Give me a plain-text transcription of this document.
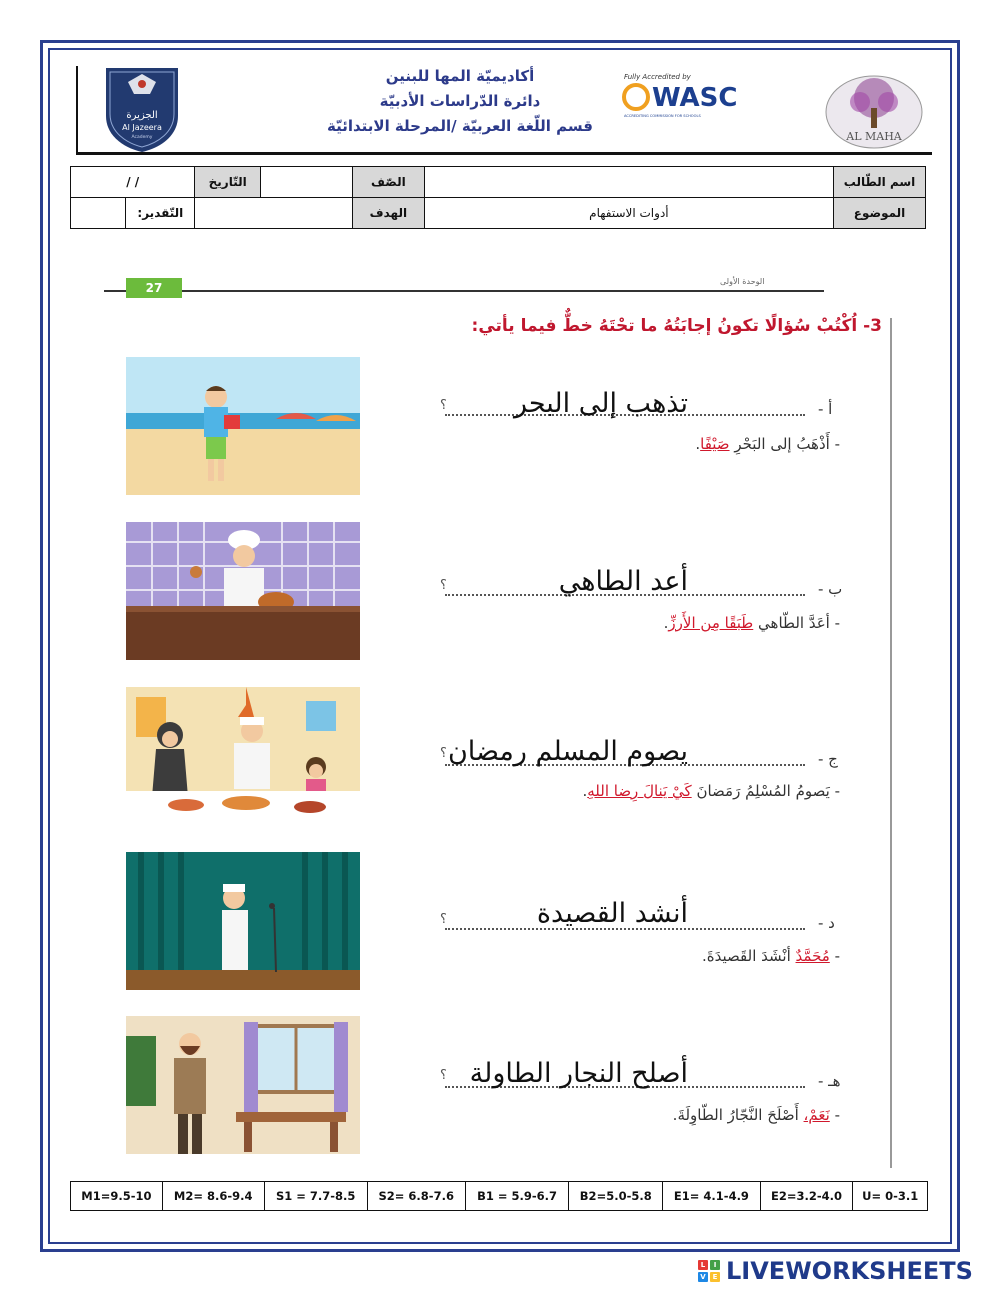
الجزيرة
Al Jazeera
Academy
أكاديميّة المها للبنين
دائرة الدّراسات الأدبيّة
قسم اللّغة العربيّة /المرحلة الابتدائيّة
Fully Accredited by
WASC
ACCREDITING COMMISSION FOR SCHOOLS
AL MAHA
اسم الطّالب		الصّف		التّاريخ	/ /
الموضوع	أدوات الاستفهام	الهدف			التّقدير:
27	الوحدة الأولى
3- اُكْتُبْ سُؤالًا تكونُ إجابَتُهُ ما تحْتَهُ خطٌّ فيما يأتي:
أ -
؟ تذهب إلى البحر
- أَذْهَبُ إلى البَحْرِ صَيْفًا.
ب -
؟	أعد الطاهي
- أعَدَّ الطّاهي طَبَقًا مِن الأَرزِّ.
ج -
؟ يصوم المسلم رمضان
- يَصومُ المُسْلِمُ رَمَضانَ كَيْ يَنالَ رِضا اللهِ.
د -
؟	أنشد القصيدة
- مُحَمَّدٌ أنْشَدَ القَصيدَةَ.
هـ -
؟ أصلح النجار الطاولة
- نَعَمْ، أَصْلَحَ النَّجّارُ الطّاوِلَةَ.
M1=9.5-10	M2= 8.6-9.4	S1 = 7.7-8.5	S2= 6.8-7.6	B1 = 5.9-6.7	B2=5.0-5.8	E1= 4.1-4.9	E2=3.2-4.0	U= 0-3.1
L	I
V E LIVEWORKSHEETS
